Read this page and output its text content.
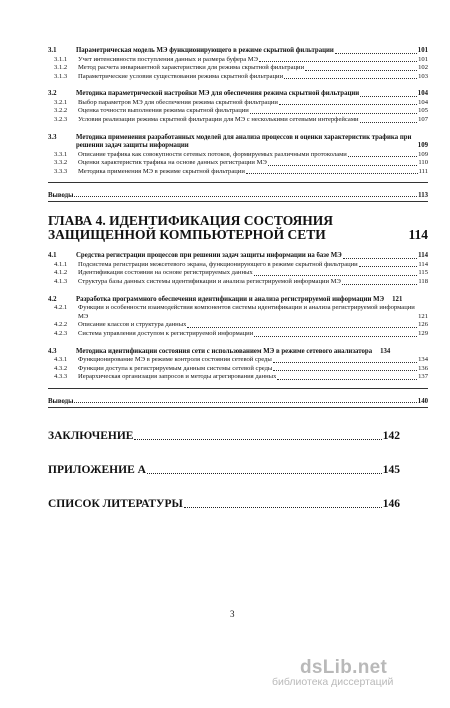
3.1	Параметрическая модель МЭ функционирующего в режиме скрытной фильтрации	101
3.1.1	Учет интенсивности поступления данных и размера буфера МЭ	101
3.1.2	Метод расчета инвариантной характеристики для режима скрытной фильтрации	102
3.1.3	Параметрические условия существования режима скрытной фильтрации	103
3.2	Методика параметрической настройки МЭ для обеспечения режима скрытной фильтрации	104
3.2.1	Выбор параметров МЭ для обеспечения режима скрытной фильтрации	104
3.2.2	Оценка точности выполнения режима скрытной фильтрации	105
3.2.3	Условия реализации режима скрытной фильтрации для МЭ с несколькими сетевыми интерфейсами	107
3.3	Методика применения разработанных моделей для анализа процессов и оценки характеристик трафика при решении задач защиты информации	109
3.3.1	Описание трафика как совокупности сетевых потоков, формируемых различными протоколами	109
3.3.2	Оценки характеристик трафика на основе данных регистрации МЭ	110
3.3.3	Методика применения МЭ в режиме скрытной фильтрации	111
Выводы	113
ГЛАВА 4. ИДЕНТИФИКАЦИЯ СОСТОЯНИЯ ЗАЩИЩЕННОЙ КОМПЬЮТЕРНОЙ СЕТИ	114
4.1	Средства регистрации процессов при решении задач защиты информации на базе МЭ	114
4.1.1	Подсистема регистрации межсетевого экрана, функционирующего в режиме скрытной фильтрации	114
4.1.2	Идентификация состояния на основе регистрируемых данных	115
4.1.3	Структура базы данных системы идентификации и анализа регистрируемой информации МЭ	118
4.2	Разработка программного обеспечения идентификации и анализа регистрируемой информации МЭ 121
4.2.1	Функции и особенности взаимодействия компонентов системы идентификации и анализа регистрируемой информации МЭ	121
4.2.2	Описание классов и структура данных	126
4.2.3	Система управления доступом к регистрируемой информации	129
4.3	Методика идентификации состояния сети с использованием МЭ в режиме сетевого анализатора 134
4.3.1	Функционирование МЭ в режиме контроля состояния сетевой среды	134
4.3.2	Функции доступа к регистрируемым данным системы сетевой среды	136
4.3.3	Иерархическая организация запросов и методы агрегирования данных	137
Выводы	140
ЗАКЛЮЧЕНИЕ	142
ПРИЛОЖЕНИЕ А	145
СПИСОК ЛИТЕРАТУРЫ	146
3
dsLib.net
библиотека диссертаций
